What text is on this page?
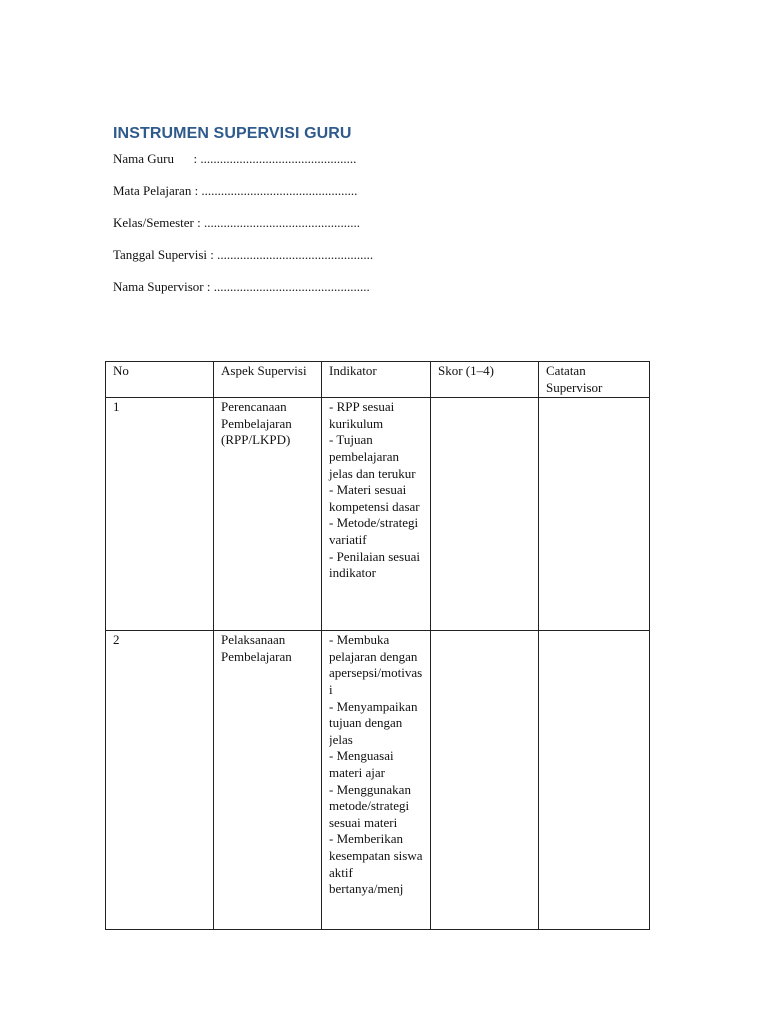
INSTRUMEN SUPERVISI GURU
Nama Guru      : ................................................
Mata Pelajaran : ................................................
Kelas/Semester : ................................................
Tanggal Supervisi : ................................................
Nama Supervisor : ................................................
No	Aspek Supervisi	Indikator	Skor (1–4)	Catatan Supervisor
1	Perencanaan Pembelajaran (RPP/LKPD)	- RPP sesuai kurikulum
- Tujuan pembelajaran jelas dan terukur
- Materi sesuai kompetensi dasar
- Metode/strategi variatif
- Penilaian sesuai indikator		

2	Pelaksanaan Pembelajaran	- Membuka pelajaran dengan apersepsi/motivasi
- Menyampaikan tujuan dengan jelas
- Menguasai materi ajar
- Menggunakan metode/strategi sesuai materi
- Memberikan kesempatan siswa aktif bertanya/menj		
